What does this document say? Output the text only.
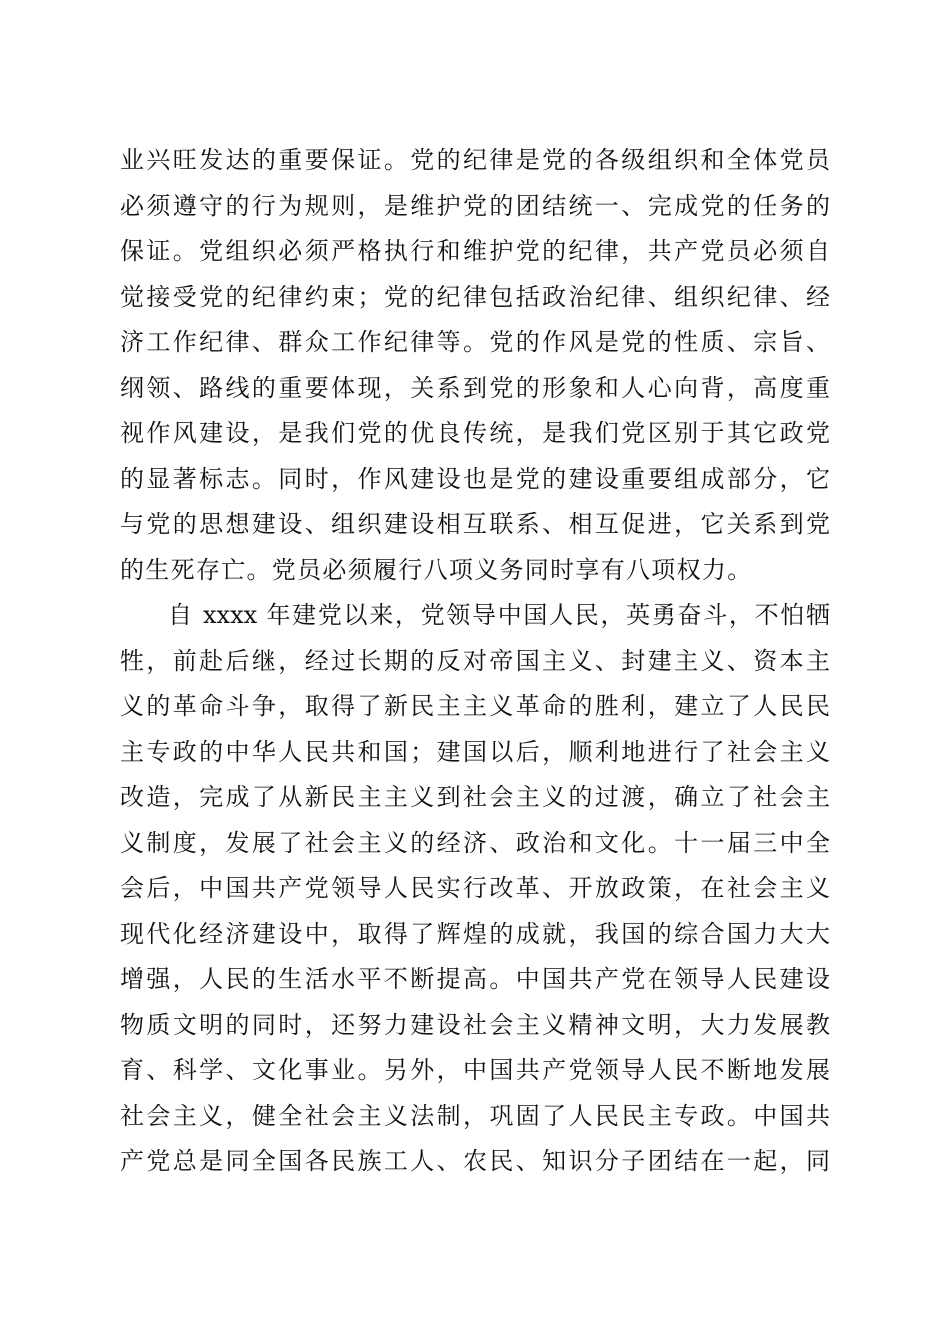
业兴旺发达的重要保证。党的纪律是党的各级组织和全体党员
必须遵守的行为规则，是维护党的团结统一、完成党的任务的
保证。党组织必须严格执行和维护党的纪律，共产党员必须自
觉接受党的纪律约束；党的纪律包括政治纪律、组织纪律、经
济工作纪律、群众工作纪律等。党的作风是党的性质、宗旨、
纲领、路线的重要体现，关系到党的形象和人心向背，高度重
视作风建设，是我们党的优良传统，是我们党区别于其它政党
的显著标志。同时，作风建设也是党的建设重要组成部分，它
与党的思想建设、组织建设相互联系、相互促进，它关系到党
的生死存亡。党员必须履行八项义务同时享有八项权力。
自 xxxx 年建党以来，党领导中国人民，英勇奋斗，不怕牺
牲，前赴后继，经过长期的反对帝国主义、封建主义、资本主
义的革命斗争，取得了新民主主义革命的胜利，建立了人民民
主专政的中华人民共和国；建国以后，顺利地进行了社会主义
改造，完成了从新民主主义到社会主义的过渡，确立了社会主
义制度，发展了社会主义的经济、政治和文化。十一届三中全
会后，中国共产党领导人民实行改革、开放政策，在社会主义
现代化经济建设中，取得了辉煌的成就，我国的综合国力大大
增强，人民的生活水平不断提高。中国共产党在领导人民建设
物质文明的同时，还努力建设社会主义精神文明，大力发展教
育、科学、文化事业。另外，中国共产党领导人民不断地发展
社会主义，健全社会主义法制，巩固了人民民主专政。中国共
产党总是同全国各民族工人、农民、知识分子团结在一起，同
